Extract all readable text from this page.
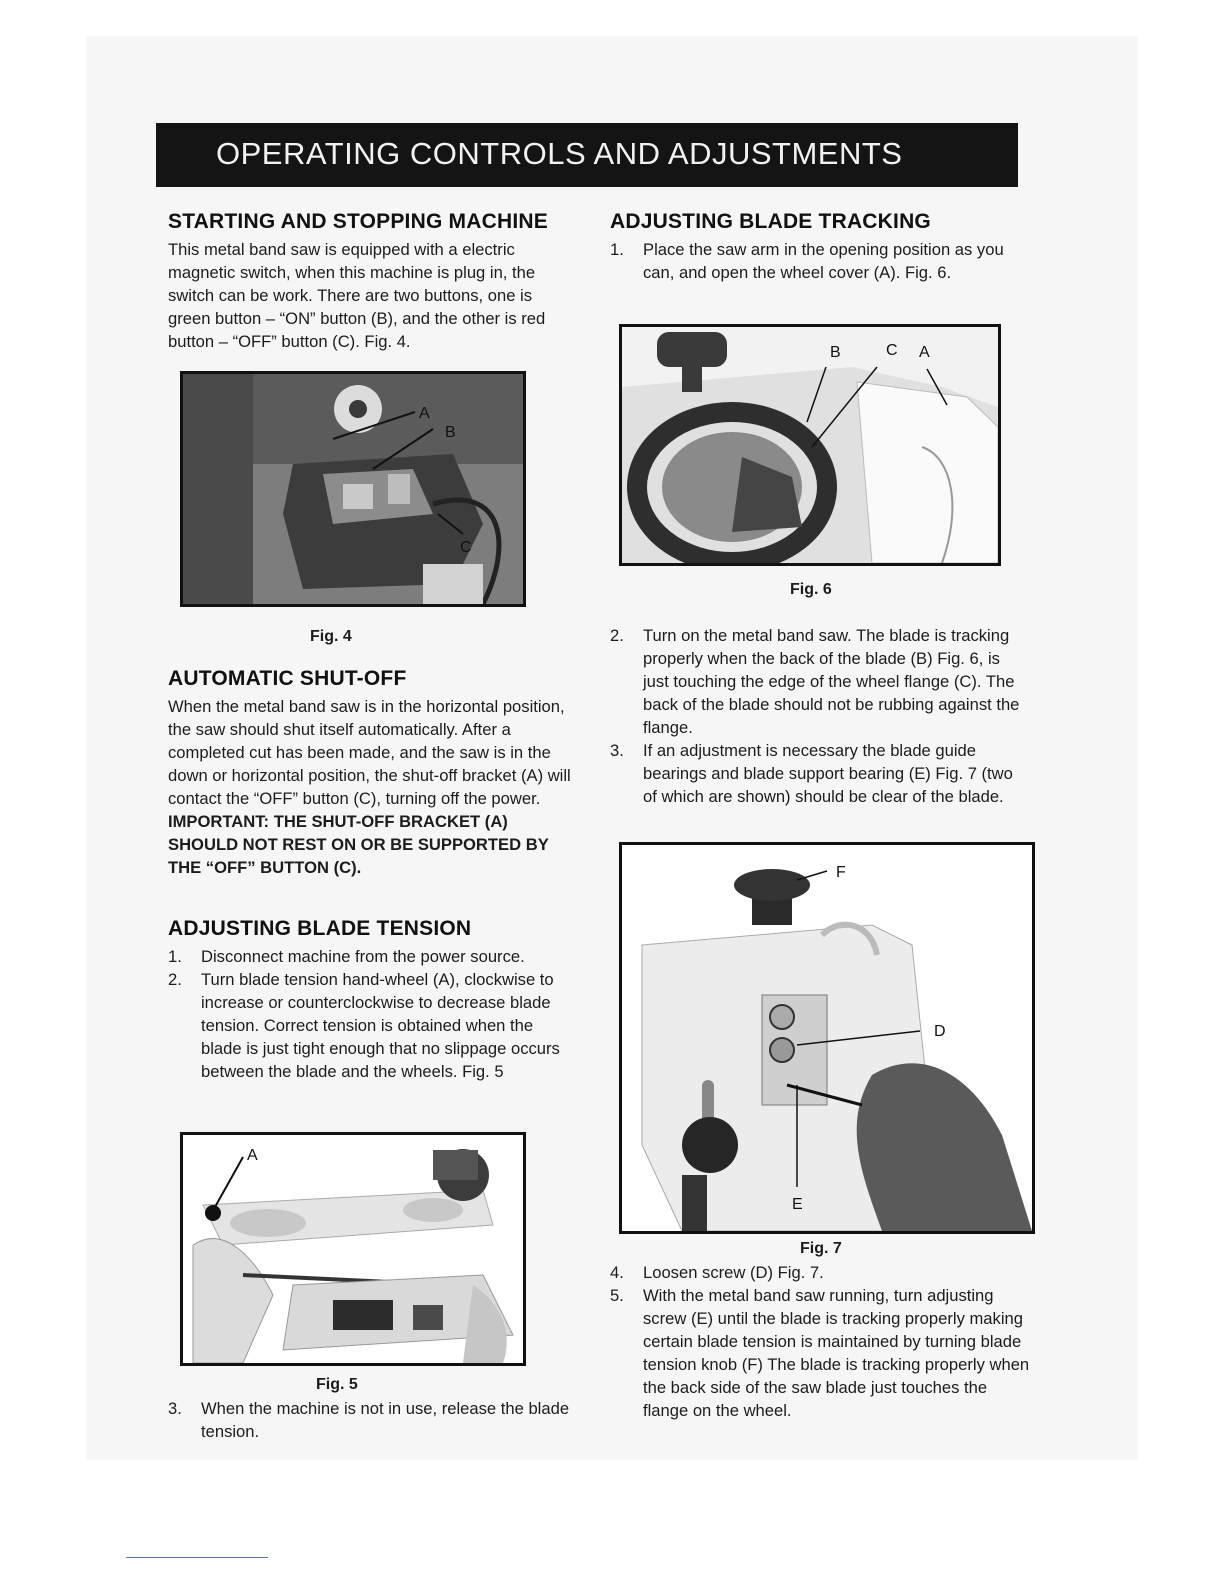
OPERATING CONTROLS AND ADJUSTMENTS
STARTING AND STOPPING MACHINE

This metal band saw is equipped with a electric magnetic switch, when this machine is plug in, the switch can be work. There are two buttons, one is green button – “ON” button (B), and the other is red button – “OFF” button (C). Fig. 4.

A
B
C
Fig. 4
AUTOMATIC SHUT-OFF

When the metal band saw is in the horizontal position, the saw should shut itself automatically. After a completed cut has been made, and the saw is in the down or horizontal position, the shut-off bracket (A) will contact the “OFF” button (C), turning off the power. IMPORTANT: THE SHUT-OFF BRACKET (A) SHOULD NOT REST ON OR BE SUPPORTED BY THE “OFF” BUTTON (C).

ADJUSTING BLADE TENSION
1. Disconnect machine from the power source.
2. Turn blade tension hand-wheel (A), clockwise to increase or counterclockwise to decrease blade tension. Correct tension is obtained when the blade is just tight enough that no slippage occurs between the blade and the wheels. Fig. 5
A
Fig. 5
3. When the machine is not in use, release the blade tension.
ADJUSTING BLADE TRACKING
1. Place the saw arm in the opening position as you can, and open the wheel cover (A). Fig. 6.
B	C A
Fig. 6
2. Turn on the metal band saw. The blade is tracking properly when the back of the blade (B) Fig. 6, is just touching the edge of the wheel flange (C). The back of the blade should not be rubbing against the flange.
3. If an adjustment is necessary the blade guide bearings and blade support bearing (E) Fig. 7 (two of which are shown) should be clear of the blade.
F
D
E
Fig. 7
4. Loosen screw (D) Fig. 7.
5. With the metal band saw running, turn adjusting screw (E) until the blade is tracking properly making certain blade tension is maintained by turning blade tension knob (F) The blade is tracking properly when the back side of the saw blade just touches the flange on the wheel.
